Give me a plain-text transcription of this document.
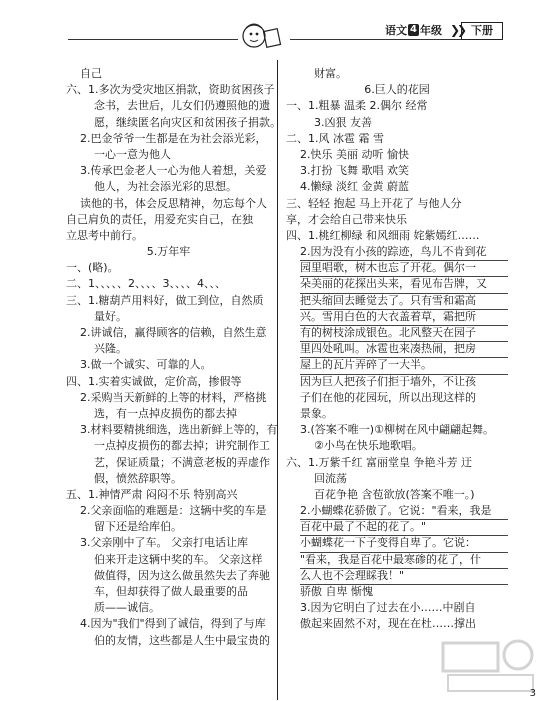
语文 4 年级 ❯❯ 下册
自己
六、1.多次为受灾地区捐款，资助贫困孩子
念书，去世后，儿女们仍遵照他的遗
愿，继续匿名向灾区和贫困孩子捐款。
2.巴金爷爷一生都是在为社会添光彩，
一心一意为他人
3.传承巴金老人一心为他人着想，关爱
他人，为社会添光彩的思想。
读他的书，体会反思精神，勿忘每个人
自己肩负的责任，用爱充实自己，在独
立思考中前行。
5.万年牢
一、(略)。
二、1、、、、、2、、、、3、、、、4、、、
三、1.糖葫芦用料好，做工到位，自然质
量好。
2.讲诚信，赢得顾客的信赖，自然生意
兴隆。
3.做一个诚实、可靠的人。
四、1.实着实诚做，定价高，掺假等
2.采购当天新鲜的上等的材料，严格挑
选，有一点掉皮损伤的都去掉
3.材料要精挑细选，选出新鲜上等的，有
一点掉皮损伤的都去掉；讲究制作工
艺，保证质量；不满意老板的弄虚作
假，愤然辞职等。
五、1.神情严肃 闷闷不乐 特别高兴
2.父亲面临的难题是：这辆中奖的车是
留下还是给库伯。
3.父亲刚中了车。 父亲打电话让库
伯来开走这辆中奖的车。 父亲这样
做值得，因为这么做虽然失去了奔驰
车，但却获得了做人最重要的品
质——诚信。
4.因为"我们"得到了诚信，得到了与库
伯的友情，这些都是人生中最宝贵的
财富。
6.巨人的花园
一、1.粗暴 温柔 2.偶尔 经常
3.凶狠 友善
二、1.风 冰雹 霜 雪
2.快乐 美丽 动听 愉快
3.打扮 飞舞 歌唱 欢笑
4.懒绿 淡红 金黄 蔚蓝
三、轻轻 抱起 马上开花了 与他人分
享，才会给自己带来快乐
四、1.桃红柳绿 和风细雨 姹紫嫣红……
2.因为没有小孩的踪迹，鸟儿不肯到花
园里唱歌，树木也忘了开花。偶尔一
朵美丽的花探出头来，看见布告牌，又
把头缩回去睡觉去了。只有雪和霜高
兴。雪用白色的大衣盖着草，霜把所
有的树枝涂成银色。北风整天在园子
里四处吼叫。冰雹也来凑热闹，把房
屋上的瓦片弄碎了一大半。
因为巨人把孩子们拒于墙外，不让孩
子们在他的花园玩，所以出现这样的
景象。
3.(答案不唯一)①柳树在风中翩翩起舞。
②小鸟在快乐地歌唱。
六、1.万紫千红 富丽堂皇 争艳斗芳 迂
回流荡
百花争艳 含苞欲放(答案不唯一。)
2.小蝴蝶花骄傲了。它说："看来，我是
百花中最了不起的花了。"
小蝴蝶花一下子变得自卑了。它说：
"看来，我是百花中最寒碜的花了，什
么人也不会理睬我！"
骄傲 自卑 惭愧
3.因为它明白了过去在小……中剧自
傲起来固然不对，现在在杜……撑出
3
